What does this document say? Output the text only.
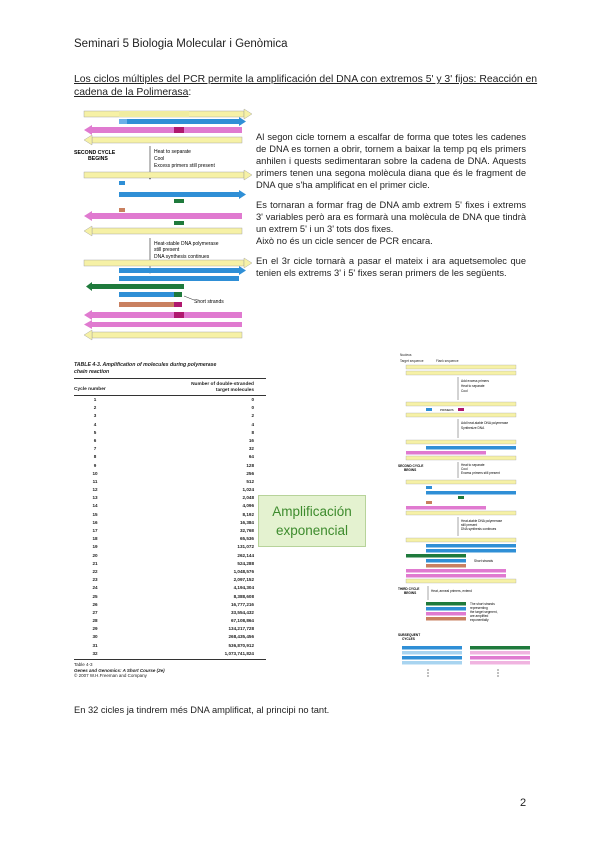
Seminari 5 Biologia Molecular i Genòmica
Los ciclos múltiples del PCR permite la amplificación del DNA con extremos 5' y 3' fijos: Reacción en cadena de la Polimerasa:
SECOND CYCLE
BEGINS
Heat to separate
Cool
Excess primers still present
Heat-stable DNA polymerase
still present
DNA synthesis continues
Short strands

Al segon cicle tornem a escalfar de forma que totes les cadenes de DNA es tornen a obrir, tornem a baixar la temp pq els primers anhilen i quests sedimentaran sobre la cadena de DNA. Aquests primers tenen una segona molècula diana que és le fragment de DNA que s'ha amplificat en el primer cicle.

Es tornaran a formar frag de DNA amb extrem 5' fixes i extrems 3' variables però ara es formarà una molècula de DNA que tindrà un extrem 5' i un 3' tots dos fixes.

Això no és un cicle sencer de PCR encara.

En el 3r cicle tornarà a pasar el mateix i ara aquetsemolec que tenien els extrems 3' i 5' fixes seran primers de les següents.

TABLE 4-3. Amplification of molecules during polymerase
chain reaction
Cycle number
Number of double-stranded
target molecules
1	0
2	0
3	2
4	4
5	8
6	16
7	32
8	64
9	128
10	256
11	512
12	1,024
13	2,048
14	4,096
15	8,192
16	16,384
17	32,768
18	65,536
19	131,072
20	262,144
21	524,288
22	1,048,576
23	2,097,152
24	4,194,304
25	8,388,608
26	16,777,216
27	33,554,432
28	67,108,864
29	134,217,728
30	268,435,456
31	536,870,912
32	1,073,741,824
Table 4-3
Genes and Genomics: A Short Course (2e)
© 2007 W.H.Freeman and Company
Amplificación
exponencial
Nucleus
Target sequence	Flank sequence
Add excess primers
Heat to separate
Cool
PRIMERS
Add heat-stable DNA polymerase
Synthesize DNA
SECOND CYCLE
BEGINS
Heat to separate
Cool
Excess primers still present
Heat-stable DNA polymerase
still present
DNA synthesis continues
Short strands
THIRD CYCLE
BEGINS	Heat, anneal primers, extend
The short strands
representing
the target segment,
are amplified
exponentially
SUBSEQUENT
CYCLES
En 32 cicles ja tindrem més DNA amplificat, al principi no tant.
2
